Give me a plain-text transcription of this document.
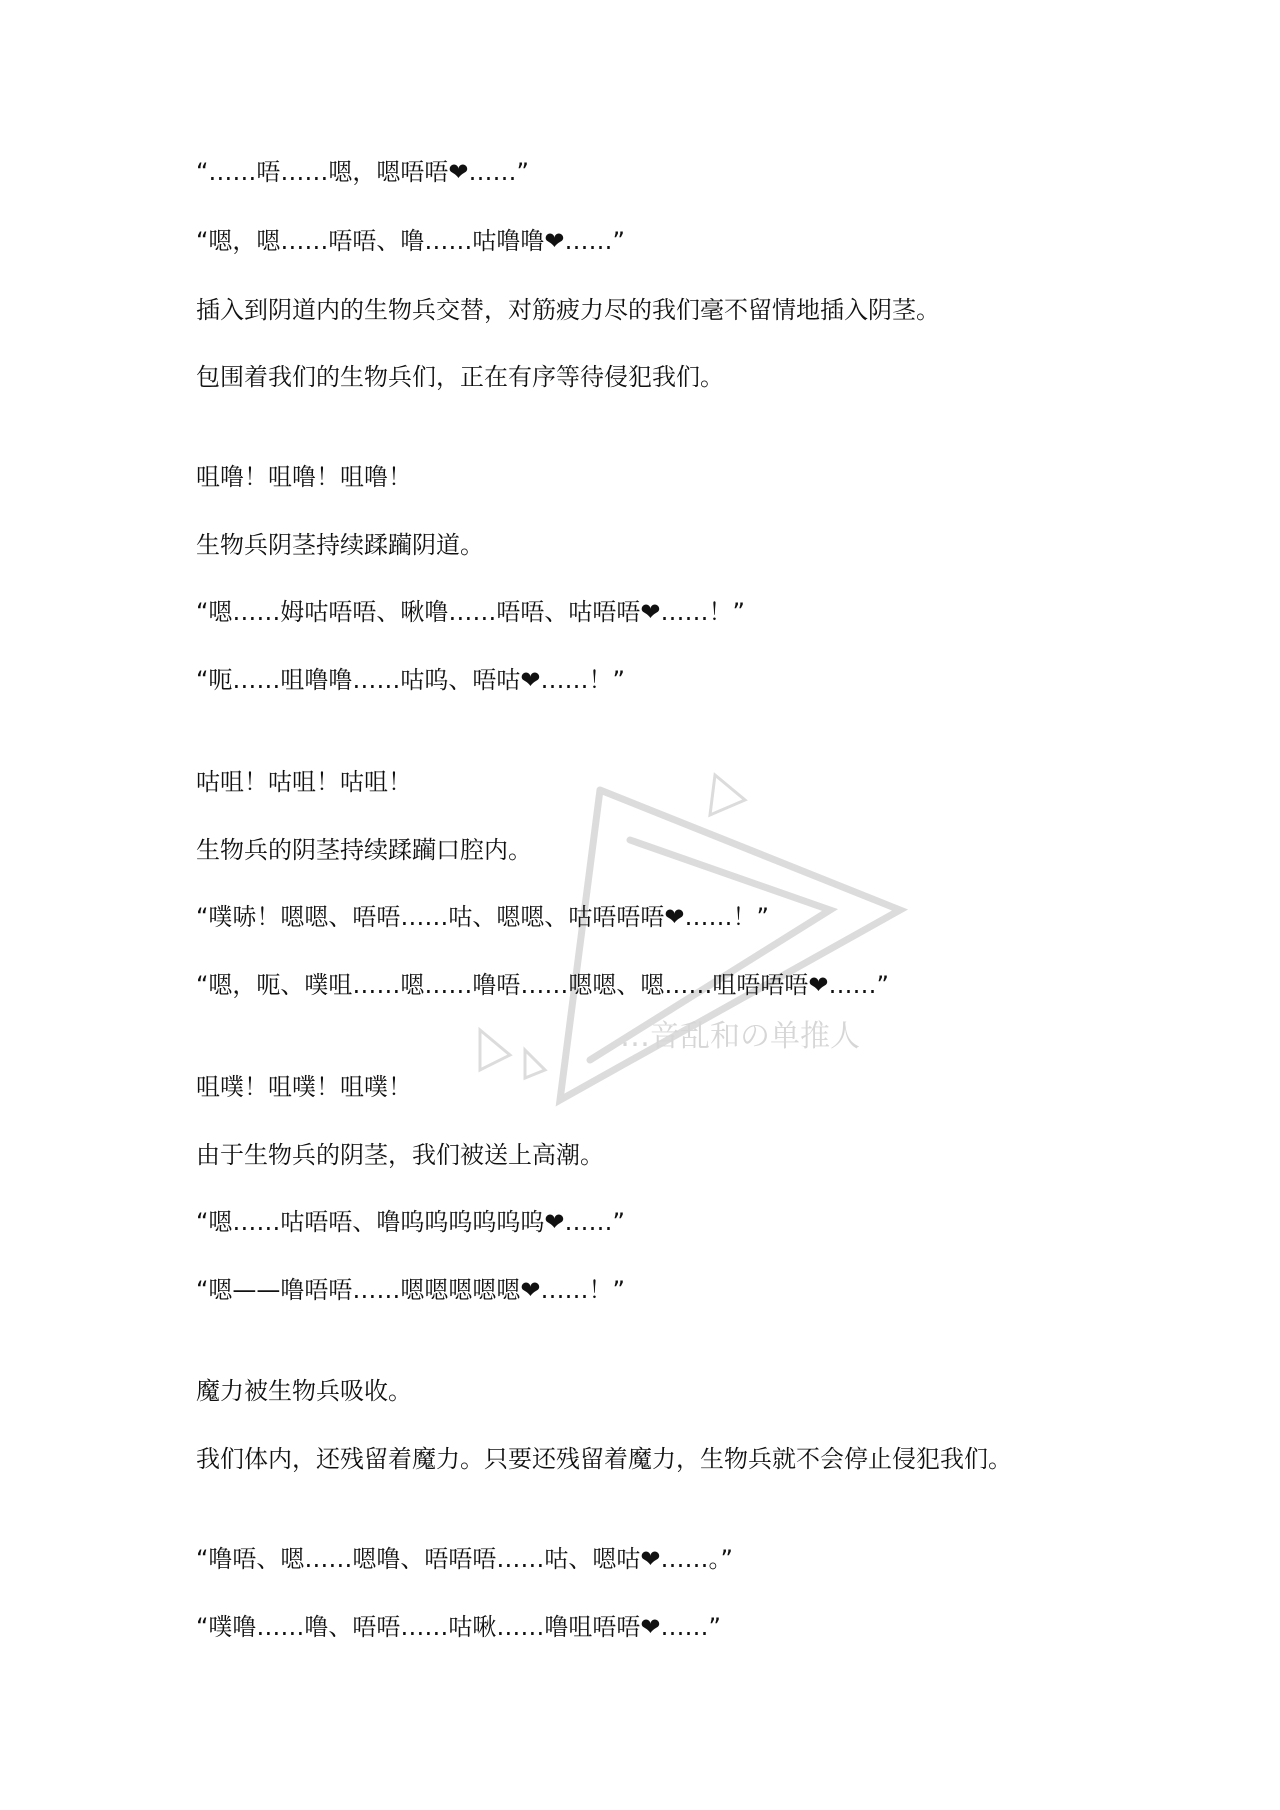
…音乱和の单推人
“……唔……嗯，嗯唔唔❤……”
“嗯，嗯……唔唔、噜……咕噜噜❤……”
插入到阴道内的生物兵交替，对筋疲力尽的我们毫不留情地插入阴茎。
包围着我们的生物兵们，正在有序等待侵犯我们。
咀噜！咀噜！咀噜！
生物兵阴茎持续蹂躏阴道。
“嗯……姆咕唔唔、啾噜……唔唔、咕唔唔❤……！”
“呃……咀噜噜……咕呜、唔咕❤……！”
咕咀！咕咀！咕咀！
生物兵的阴茎持续蹂躏口腔内。
“噗哧！嗯嗯、唔唔……咕、嗯嗯、咕唔唔唔❤……！”
“嗯，呃、噗咀……嗯……噜唔……嗯嗯、嗯……咀唔唔唔❤……”
咀噗！咀噗！咀噗！
由于生物兵的阴茎，我们被送上高潮。
“嗯……咕唔唔、噜呜呜呜呜呜呜❤……”
“嗯——噜唔唔……嗯嗯嗯嗯嗯❤……！”
魔力被生物兵吸收。
我们体内，还残留着魔力。只要还残留着魔力，生物兵就不会停止侵犯我们。
“噜唔、嗯……嗯噜、唔唔唔……咕、嗯咕❤……。”
“噗噜……噜、唔唔……咕啾……噜咀唔唔❤……”
